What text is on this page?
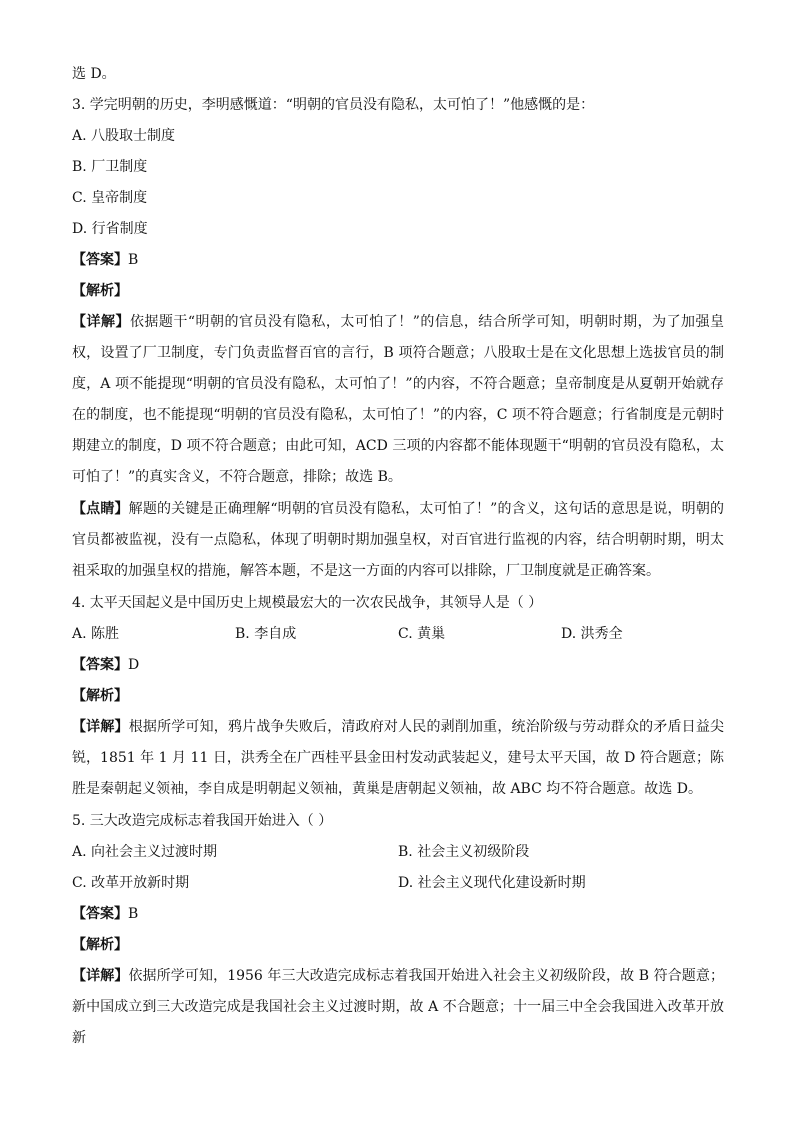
选 D。
3. 学完明朝的历史，李明感慨道：“明朝的官员没有隐私，太可怕了！”他感慨的是：
A. 八股取士制度
B. 厂卫制度
C. 皇帝制度
D. 行省制度
【答案】B
【解析】

【详解】依据题干“明朝的官员没有隐私，太可怕了！”的信息，结合所学可知，明朝时期，为了加强皇权，设置了厂卫制度，专门负责监督百官的言行，B 项符合题意；八股取士是在文化思想上选拔官员的制度，A 项不能提现“明朝的官员没有隐私，太可怕了！”的内容，不符合题意；皇帝制度是从夏朝开始就存在的制度，也不能提现“明朝的官员没有隐私，太可怕了！”的内容，C 项不符合题意；行省制度是元朝时期建立的制度，D 项不符合题意；由此可知，ACD 三项的内容都不能体现题干“明朝的官员没有隐私，太可怕了！”的真实含义，不符合题意，排除；故选 B。

【点睛】解题的关键是正确理解“明朝的官员没有隐私，太可怕了！”的含义，这句话的意思是说，明朝的官员都被监视，没有一点隐私，体现了明朝时期加强皇权，对百官进行监视的内容，结合明朝时期，明太祖采取的加强皇权的措施，解答本题，不是这一方面的内容可以排除，厂卫制度就是正确答案。

4. 太平天国起义是中国历史上规模最宏大的一次农民战争，其领导人是（ ）
A. 陈胜	B. 李自成	C. 黄巢	D. 洪秀全
【答案】D
【解析】

【详解】根据所学可知，鸦片战争失败后，清政府对人民的剥削加重，统治阶级与劳动群众的矛盾日益尖锐，1851 年 1 月 11 日，洪秀全在广西桂平县金田村发动武装起义，建号太平天国，故 D 符合题意；陈胜是秦朝起义领袖，李自成是明朝起义领袖，黄巢是唐朝起义领袖，故 ABC 均不符合题意。故选 D。

5. 三大改造完成标志着我国开始进入（ ）
A. 向社会主义过渡时期	B. 社会主义初级阶段
C. 改革开放新时期	D. 社会主义现代化建设新时期
【答案】B
【解析】

【详解】依据所学可知，1956 年三大改造完成标志着我国开始进入社会主义初级阶段，故 B 符合题意；新中国成立到三大改造完成是我国社会主义过渡时期，故 A 不合题意；十一届三中全会我国进入改革开放新
